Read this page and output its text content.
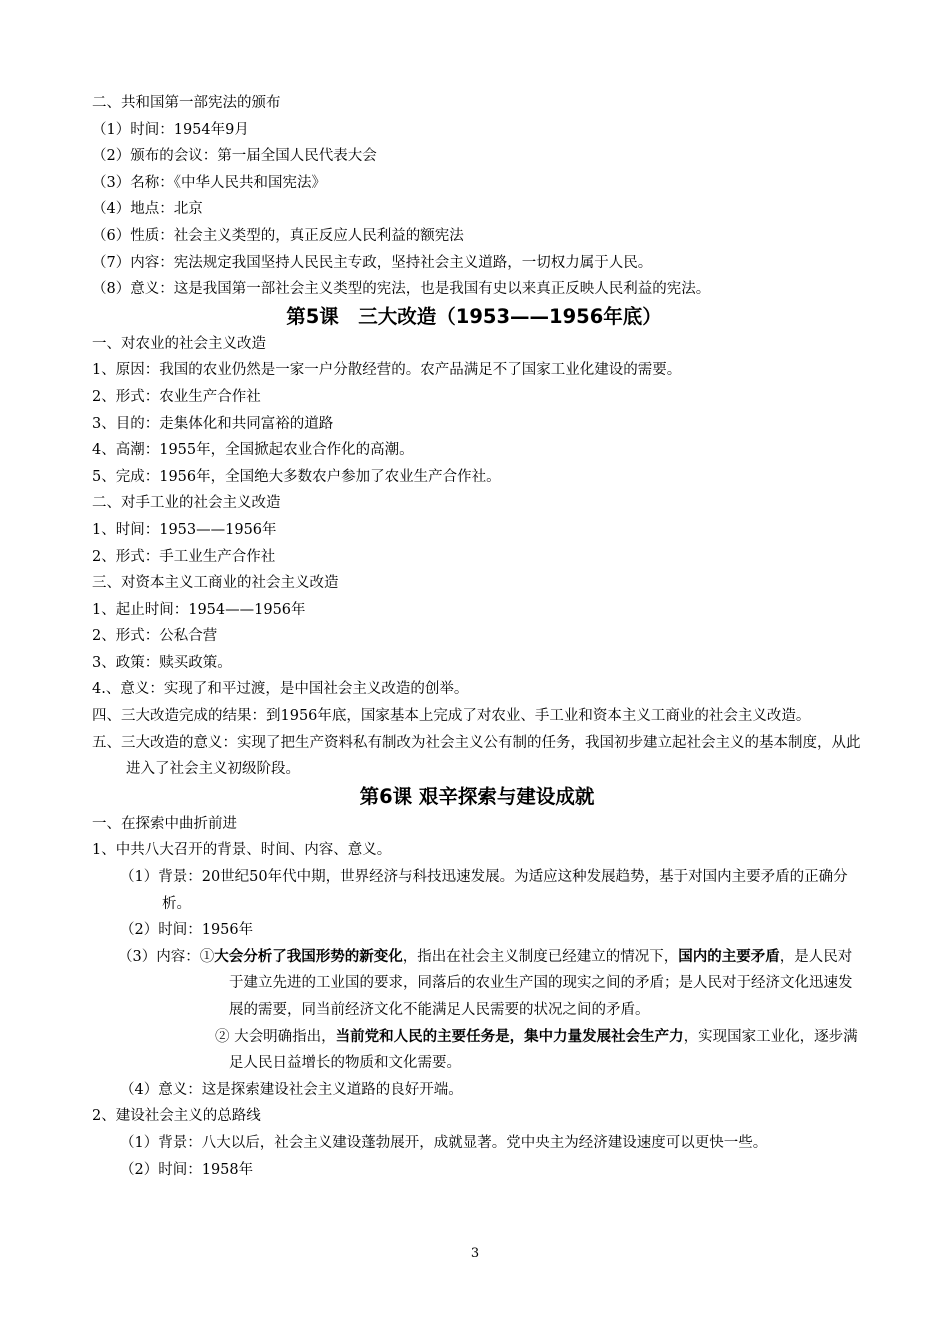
二、共和国第一部宪法的颁布
（1）时间：1954年9月
（2）颁布的会议：第一届全国人民代表大会
（3）名称：《中华人民共和国宪法》
（4）地点：北京
（6）性质：社会主义类型的，真正反应人民利益的额宪法
（7）内容：宪法规定我国坚持人民民主专政，坚持社会主义道路，一切权力属于人民。
（8）意义：这是我国第一部社会主义类型的宪法，也是我国有史以来真正反映人民利益的宪法。
第5课　三大改造（1953——1956年底）
一、对农业的社会主义改造
1、原因：我国的农业仍然是一家一户分散经营的。农产品满足不了国家工业化建设的需要。
2、形式：农业生产合作社
3、目的：走集体化和共同富裕的道路
4、高潮：1955年，全国掀起农业合作化的高潮。
5、完成：1956年，全国绝大多数农户参加了农业生产合作社。
二、对手工业的社会主义改造
1、时间：1953——1956年
2、形式：手工业生产合作社
三、对资本主义工商业的社会主义改造
1、起止时间：1954——1956年
2、形式：公私合营
3、政策：赎买政策。
4.、意义：实现了和平过渡，是中国社会主义改造的创举。
四、三大改造完成的结果：到1956年底，国家基本上完成了对农业、手工业和资本主义工商业的社会主义改造。
五、三大改造的意义：实现了把生产资料私有制改为社会主义公有制的任务，我国初步建立起社会主义的基本制度，从此进入了社会主义初级阶段。
第6课 艰辛探索与建设成就
一、在探索中曲折前进
1、中共八大召开的背景、时间、内容、意义。
（1）背景：20世纪50年代中期，世界经济与科技迅速发展。为适应这种发展趋势，基于对国内主要矛盾的正确分析。
（2）时间：1956年
（3）内容：①大会分析了我国形势的新变化，指出在社会主义制度已经建立的情况下，国内的主要矛盾，是人民对于建立先进的工业国的要求，同落后的农业生产国的现实之间的矛盾；是人民对于经济文化迅速发展的需要，同当前经济文化不能满足人民需要的状况之间的矛盾。
② 大会明确指出，当前党和人民的主要任务是，集中力量发展社会生产力，实现国家工业化，逐步满足人民日益增长的物质和文化需要。
（4）意义：这是探索建设社会主义道路的良好开端。
2、建设社会主义的总路线
（1）背景：八大以后，社会主义建设蓬勃展开，成就显著。党中央主为经济建设速度可以更快一些。
（2）时间：1958年
3
